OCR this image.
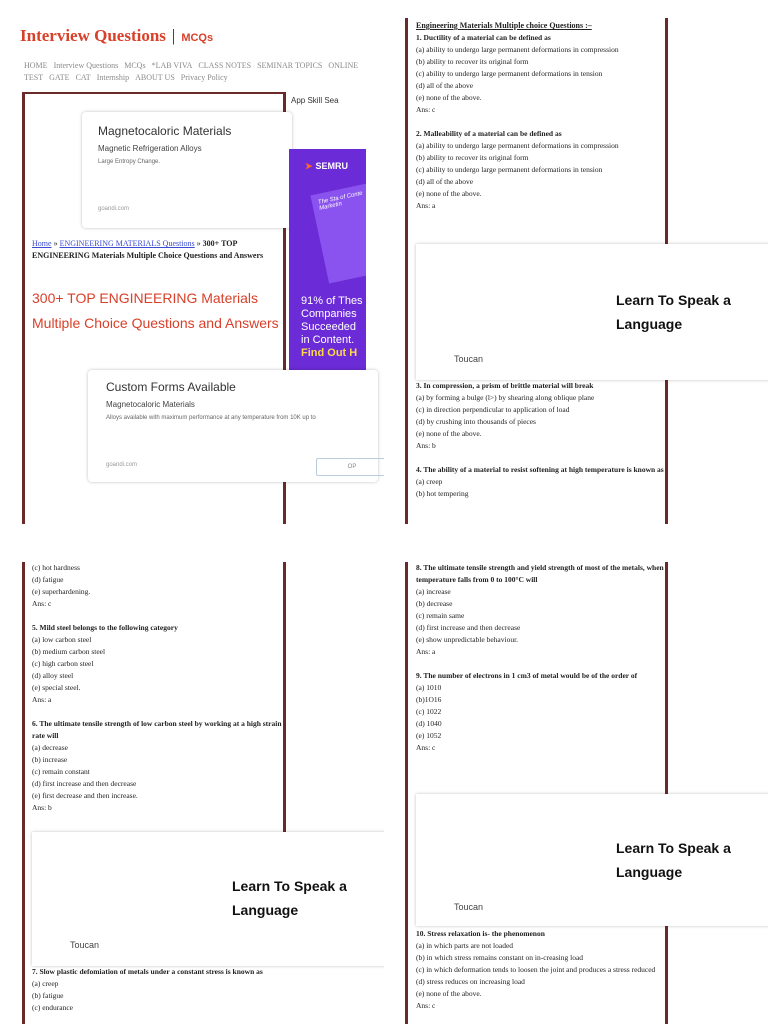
Interview Questions | MCQs
HOME Interview Questions MCQs *LAB VIVA CLASS NOTES SEMINAR TOPICS ONLINE TEST GATE CAT Internship ABOUT US Privacy Policy
App Skill Sea
Magnetocaloric Materials
Magnetic Refrigeration Alloys
Large Entropy Change.
goandi.com
➤ SEMRU
The Sta of Conte Marketin
91% of Thes
Companies
Succeeded
in Content.
Find Out H
Home » ENGINEERING MATERIALS Questions » 300+ TOP ENGINEERING Materials Multiple Choice Questions and Answers
300+ TOP ENGINEERING Materials Multiple Choice Questions and Answers
Custom Forms Available
Magnetocaloric Materials
Alloys available with maximum performance at any temperature from 10K up to
goandi.com	OP
Engineering Materials Multiple choice Questions :–
1. Ductility of a material can be defined as
(a) ability to undergo large permanent deformations in compression
(b) ability to recover its original form
(c) ability to undergo large permanent deformations in tension
(d) all of the above
(e) none of the above.
Ans: c
2. Malleability of a material can be defined as
(a) ability to undergo large permanent deformations in compression
(b) ability to recover its original form
(c) ability to undergo large permanent deformations in tension
(d) all of the above
(e) none of the above.
Ans: a
Learn To Speak a Language
Toucan
3. In compression, a prism of brittle material will break
(a) by forming a bulge (l>) by shearing along oblique plane
(c) in direction perpendicular to application of load
(d) by crushing into thousands of pieces
(e) none of the above.
Ans: b
4. The ability of a material to resist softening at high temperature is known as
(a) creep
(b) hot tempering
(c) hot hardness
(d) fatigue
(e) superhardening.
Ans: c
5. Mild steel belongs to the following category
(a) low carbon steel
(b) medium carbon steel
(c) high carbon steel
(d) alloy steel
(e) special steel.
Ans: a
6. The ultimate tensile strength of low carbon steel by working at a high strain rate will
(a) decrease
(b) increase
(c) remain constant
(d) first increase and then decrease
(e) first decrease and then increase.
Ans: b
Learn To Speak a Language
Toucan
7. Slow plastic defomiation of metals under a constant stress is known as
(a) creep
(b) fatigue
(c) endurance
8. The ultimate tensile strength and yield strength of most of the metals, when temperature falls from 0 to 100°C will
(a) increase
(b) decrease
(c) remain same
(d) first increase and then decrease
(e) show unpredictable behaviour.
Ans: a
9. The number of electrons in 1 cm3 of metal would be of the order of
(a) 1010
(b)1O16
(c) 1022
(d) 1040
(e) 1052
Ans: c
Learn To Speak a Language
Toucan
10. Stress relaxation is- the phenomenon
(a) in which parts are not loaded
(b) in which stress remains constant on in-creasing load
(c) in which deformation tends to loosen the joint and produces a stress reduced
(d) stress reduces on increasing load
(e) none of the above.
Ans: c
